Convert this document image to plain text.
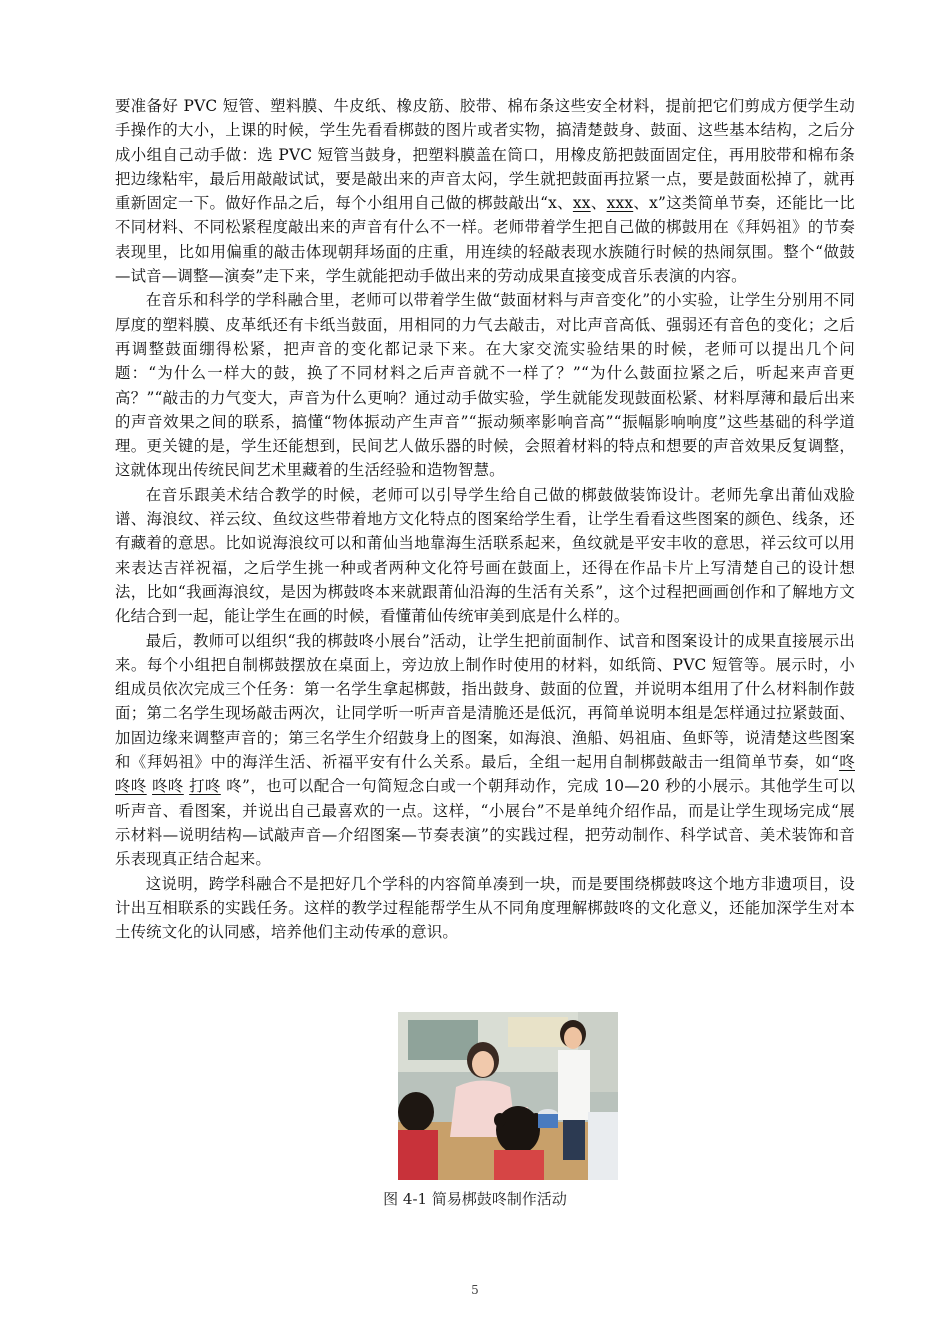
要准备好 PVC 短管、塑料膜、牛皮纸、橡皮筋、胶带、棉布条这些安全材料，提前把它们剪成方便学生动手操作的大小，上课的时候，学生先看看梆鼓的图片或者实物，搞清楚鼓身、鼓面、这些基本结构，之后分成小组自己动手做：选 PVC 短管当鼓身，把塑料膜盖在筒口，用橡皮筋把鼓面固定住，再用胶带和棉布条把边缘粘牢，最后用敲敲试试，要是敲出来的声音太闷，学生就把鼓面再拉紧一点，要是鼓面松掉了，就再重新固定一下。做好作品之后，每个小组用自己做的梆鼓敲出“x、xx、xxx、x”这类简单节奏，还能比一比不同材料、不同松紧程度敲出来的声音有什么不一样。老师带着学生把自己做的梆鼓用在《拜妈祖》的节奏表现里，比如用偏重的敲击体现朝拜场面的庄重，用连续的轻敲表现水族随行时候的热闹氛围。整个“做鼓—试音—调整—演奏”走下来，学生就能把动手做出来的劳动成果直接变成音乐表演的内容。

在音乐和科学的学科融合里，老师可以带着学生做“鼓面材料与声音变化”的小实验，让学生分别用不同厚度的塑料膜、皮革纸还有卡纸当鼓面，用相同的力气去敲击，对比声音高低、强弱还有音色的变化；之后再调整鼓面绷得松紧，把声音的变化都记录下来。在大家交流实验结果的时候，老师可以提出几个问题：“为什么一样大的鼓，换了不同材料之后声音就不一样了？”“为什么鼓面拉紧之后，听起来声音更高？”“敲击的力气变大，声音为什么更响？通过动手做实验，学生就能发现鼓面松紧、材料厚薄和最后出来的声音效果之间的联系，搞懂“物体振动产生声音”“振动频率影响音高”“振幅影响响度”这些基础的科学道理。更关键的是，学生还能想到，民间艺人做乐器的时候，会照着材料的特点和想要的声音效果反复调整，这就体现出传统民间艺术里藏着的生活经验和造物智慧。

在音乐跟美术结合教学的时候，老师可以引导学生给自己做的梆鼓做装饰设计。老师先拿出莆仙戏脸谱、海浪纹、祥云纹、鱼纹这些带着地方文化特点的图案给学生看，让学生看看这些图案的颜色、线条，还有藏着的意思。比如说海浪纹可以和莆仙当地靠海生活联系起来，鱼纹就是平安丰收的意思，祥云纹可以用来表达吉祥祝福，之后学生挑一种或者两种文化符号画在鼓面上，还得在作品卡片上写清楚自己的设计想法，比如“我画海浪纹，是因为梆鼓咚本来就跟莆仙沿海的生活有关系”，这个过程把画画创作和了解地方文化结合到一起，能让学生在画的时候，看懂莆仙传统审美到底是什么样的。

最后，教师可以组织“我的梆鼓咚小展台”活动，让学生把前面制作、试音和图案设计的成果直接展示出来。每个小组把自制梆鼓摆放在桌面上，旁边放上制作时使用的材料，如纸筒、PVC 短管等。展示时，小组成员依次完成三个任务：第一名学生拿起梆鼓，指出鼓身、鼓面的位置，并说明本组用了什么材料制作鼓面；第二名学生现场敲击两次，让同学听一听声音是清脆还是低沉，再简单说明本组是怎样通过拉紧鼓面、加固边缘来调整声音的；第三名学生介绍鼓身上的图案，如海浪、渔船、妈祖庙、鱼虾等，说清楚这些图案和《拜妈祖》中的海洋生活、祈福平安有什么关系。最后，全组一起用自制梆鼓敲击一组简单节奏，如“咚咚咚 咚咚 打咚 咚”，也可以配合一句简短念白或一个朝拜动作，完成 10—20 秒的小展示。其他学生可以听声音、看图案，并说出自己最喜欢的一点。这样，“小展台”不是单纯介绍作品，而是让学生现场完成“展示材料—说明结构—试敲声音—介绍图案—节奏表演”的实践过程，把劳动制作、科学试音、美术装饰和音乐表现真正结合起来。

这说明，跨学科融合不是把好几个学科的内容简单凑到一块，而是要围绕梆鼓咚这个地方非遗项目，设计出互相联系的实践任务。这样的教学过程能帮学生从不同角度理解梆鼓咚的文化意义，还能加深学生对本土传统文化的认同感，培养他们主动传承的意识。

图 4-1 简易梆鼓咚制作活动
5
